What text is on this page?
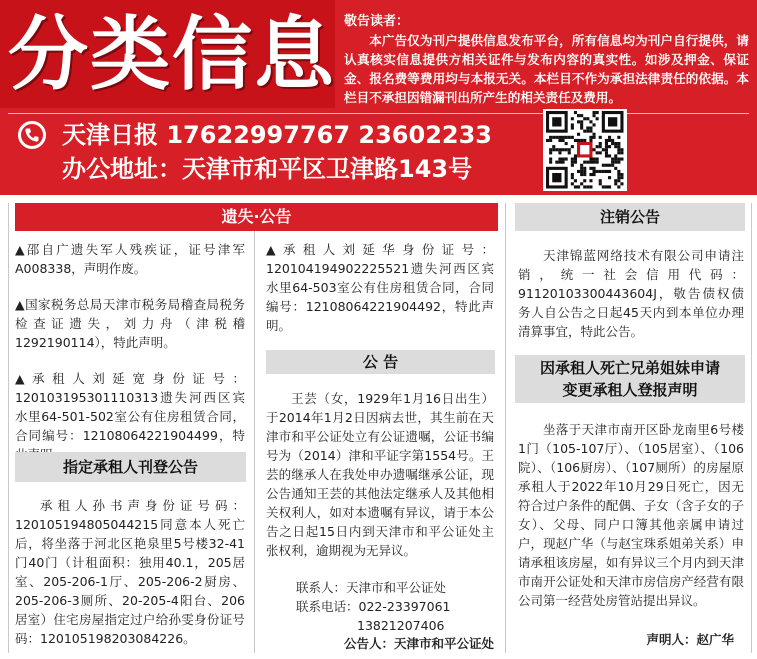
分类信息 敬告读者：
本广告仅为刊户提供信息发布平台，所有信息均为刊户自行提供，请认真核实信息提供方相关证件与发布内容的真实性。如涉及押金、保证金、报名费等费用均与本报无关。本栏目不作为承担法律责任的依据。本栏目不承担因错漏刊出所产生的相关责任及费用。
天津日报 17622997767 23602233
办公地址：天津市和平区卫津路143号
遗失·公告

▲邵自广遗失军人残疾证，证号津军A008338，声明作废。

▲国家税务总局天津市税务局稽查局税务检查证遗失，刘力舟（津税稽1292190114），特此声明。

▲承租人刘延宽身份证号：120103195301110313遗失河西区宾水里64-501-502室公有住房租赁合同，合同编号：12108064221904499，特

指定承租人刊登公告

承租人孙书声身份证号码：120105194805044215同意本人死亡后，将坐落于河北区艳泉里5号楼32-41门40门（计租面积：独用40.1，205居室、205-206-1厅、205-206-2厨房、205-206-3厕所、20-205-4阳台、206居室）住宅房屋指定过户给孙雯身份证号码：120105198203084226。

▲承租人刘延华身份证号：120104194902225521遗失河西区宾水里64-503室公有住房租赁合同，合同编号：12108064221904492，特此声明。

公 告

王芸（女，1929年1月16日出生）于2014年1月2日因病去世，其生前在天津市和平公证处立有公证遗嘱，公证书编号为（2014）津和平证字第1554号。王芸的继承人在我处申办遗嘱继承公证，现公告通知王芸的其他法定继承人及其他相关权利人，如对本遗嘱有异议，请于本公告之日起15日内到天津市和平公证处主张权利，逾期视为无异议。

联系人：天津市和平公证处

联系电话：022-23397061

13821207406

公告人：天津市和平公证处
注销公告

天津锦蓝网络技术有限公司申请注销，统一社会信用代码：91120103300443604J，敬告债权债务人自公告之日起45天内到本单位办理清算事宜，特此公告。

因承租人死亡兄弟姐妹申请
变更承租人登报声明

坐落于天津市南开区卧龙南里6号楼1门（105-107厅）、（105居室）、（106院）、（106厨房）、（107厕所）的房屋原承租人于2022年10月29日死亡，因无符合过户条件的配偶、子女（含子女的子女）、父母、同户口簿其他亲属申请过户，现赵广华（与赵宝珠系姐弟关系）申请承租该房屋，如有异议三个月内到天津市南开公证处和天津市房信房产经营有限公司第一经营处房管站提出异议。

声明人：赵广华
